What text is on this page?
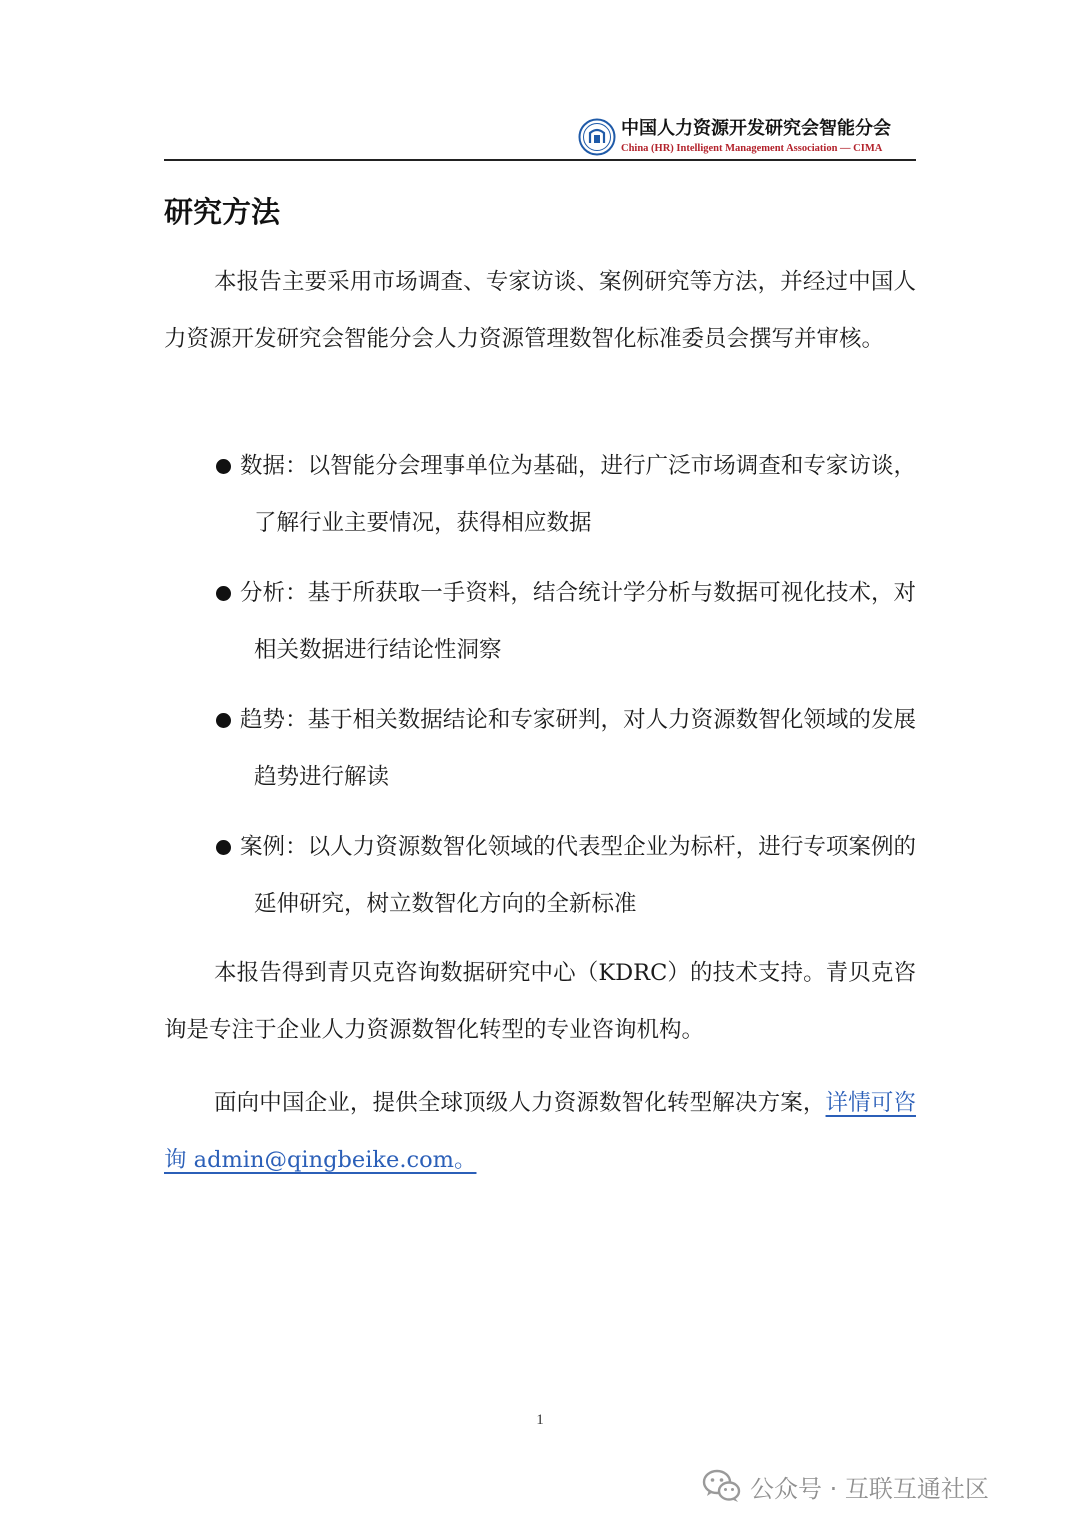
中国人力资源开发研究会智能分会
China (HR) Intelligent Management Association — CIMA
研究方法

本报告主要采用市场调查、专家访谈、案例研究等方法，并经过中国人力资源开发研究会智能分会人力资源管理数智化标准委员会撰写并审核。

数据：以智能分会理事单位为基础，进行广泛市场调查和专家访谈，了解行业主要情况，获得相应数据
分析：基于所获取一手资料，结合统计学分析与数据可视化技术，对相关数据进行结论性洞察
趋势：基于相关数据结论和专家研判，对人力资源数智化领域的发展趋势进行解读
案例：以人力资源数智化领域的代表型企业为标杆，进行专项案例的延伸研究，树立数智化方向的全新标准

本报告得到青贝克咨询数据研究中心（KDRC）的技术支持。青贝克咨询是专注于企业人力资源数智化转型的专业咨询机构。

面向中国企业，提供全球顶级人力资源数智化转型解决方案，详情可咨询 admin@qingbeike.com。

1
公众号 · 互联互通社区
